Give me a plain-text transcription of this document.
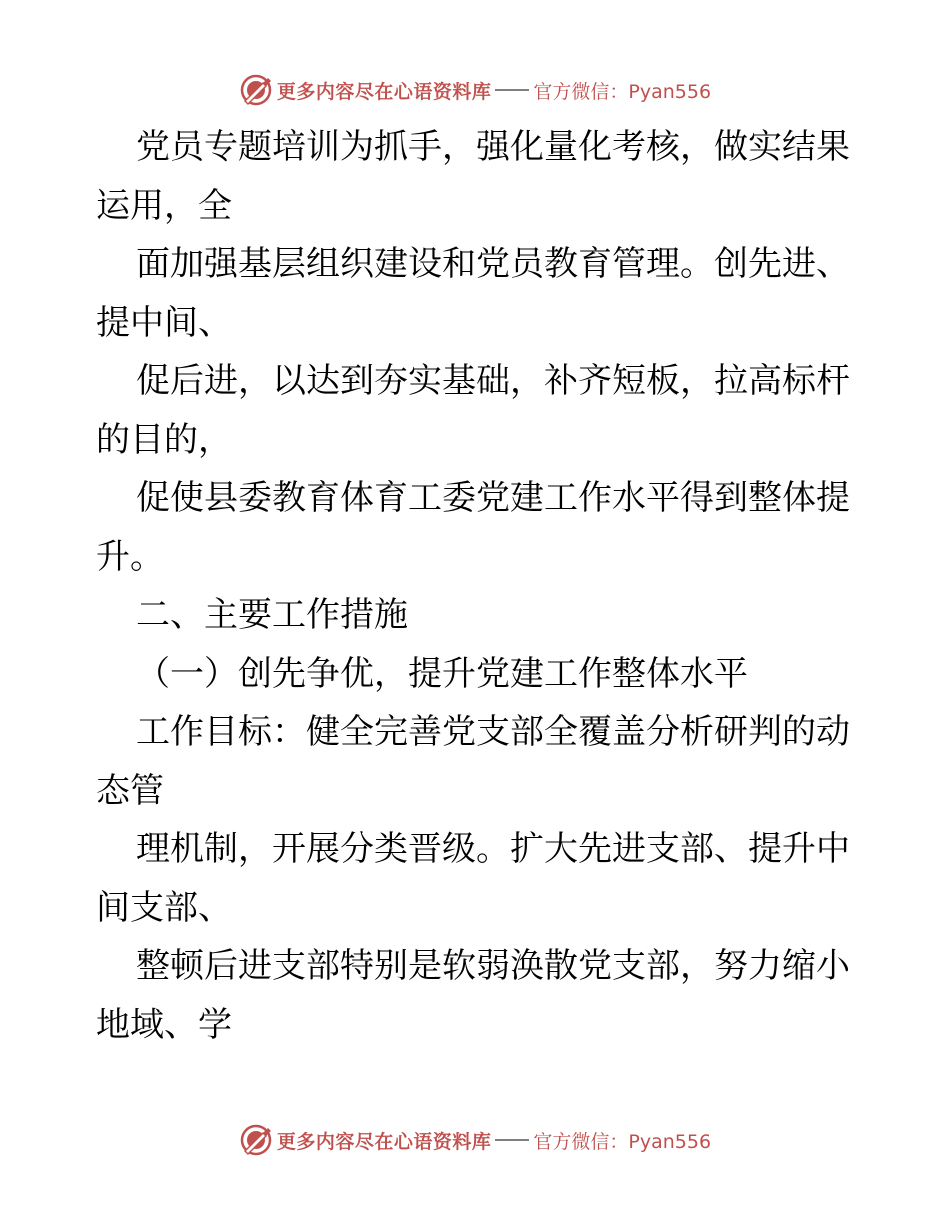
更多内容尽在心语资料库 官方微信：Pyan556
党员专题培训为抓手，强化量化考核，做实结果
运用，全
面加强基层组织建设和党员教育管理。创先进、
提中间、
促后进，以达到夯实基础，补齐短板，拉高标杆
的目的，
促使县委教育体育工委党建工作水平得到整体提
升。
二、主要工作措施
（一）创先争优，提升党建工作整体水平
工作目标：健全完善党支部全覆盖分析研判的动
态管
理机制，开展分类晋级。扩大先进支部、提升中
间支部、
整顿后进支部特别是软弱涣散党支部，努力缩小
地域、学
更多内容尽在心语资料库 官方微信：Pyan556
